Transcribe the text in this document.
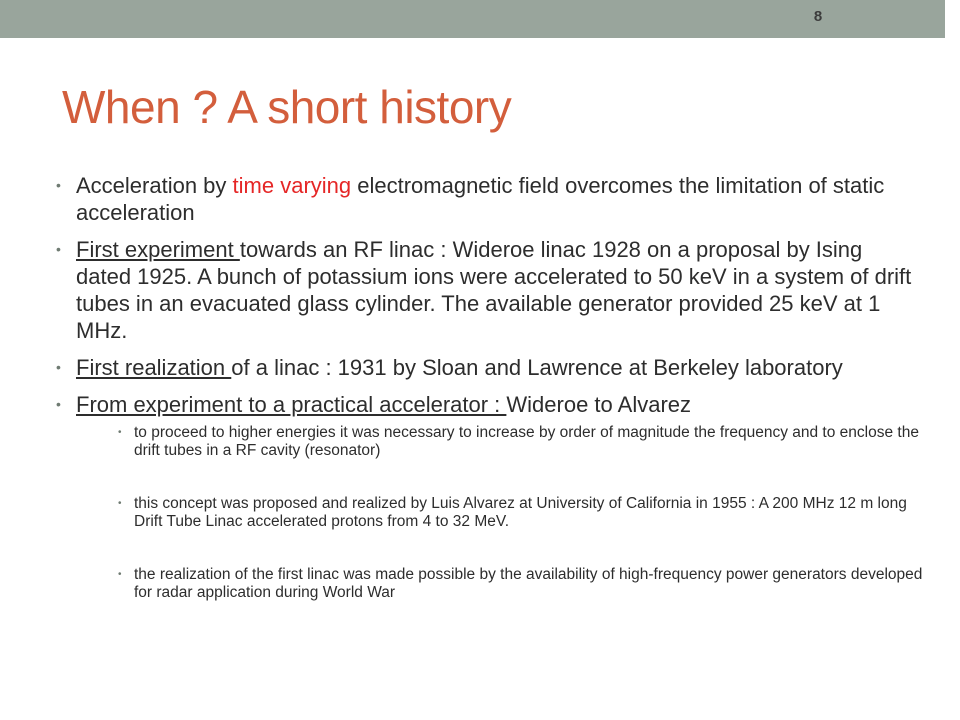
8
When ? A short history
• Acceleration by time varying electromagnetic field overcomes the limitation of static acceleration
• First experiment towards an RF linac : Wideroe linac 1928 on a proposal by Ising dated 1925. A bunch of potassium ions were accelerated to 50 keV in a system of drift tubes in an evacuated glass cylinder. The available generator provided 25 keV at 1 MHz.
• First realization of a linac : 1931 by Sloan and Lawrence at Berkeley laboratory
• From experiment to a practical accelerator : Wideroe to Alvarez
• to proceed to higher energies it was necessary to increase by order of magnitude the frequency and to enclose the drift tubes in a RF cavity (resonator)
• this concept was proposed and realized by Luis Alvarez at University of California in 1955 : A 200 MHz 12 m long Drift Tube Linac accelerated protons from 4 to 32 MeV.
• the realization of the first linac was made possible by the availability of high-frequency power generators developed for radar application during World War
